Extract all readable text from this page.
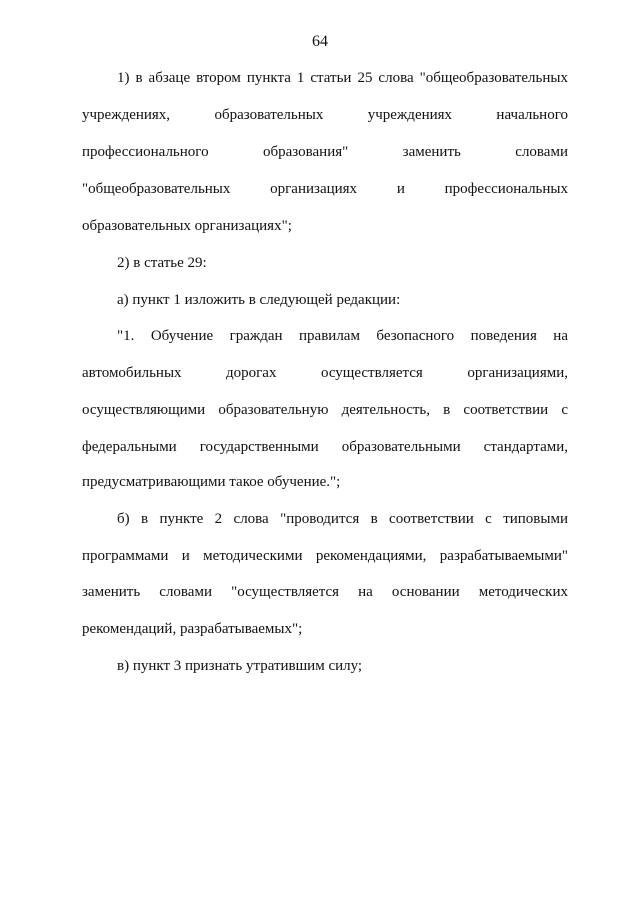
64
1) в абзаце втором пункта 1 статьи 25 слова "общеобразовательных
учреждениях, образовательных учреждениях начального
профессионального образования" заменить словами
"общеобразовательных организациях и профессиональных
образовательных организациях";
2) в статье 29:
а) пункт 1 изложить в следующей редакции:
"1. Обучение граждан правилам безопасного поведения на
автомобильных дорогах осуществляется организациями,
осуществляющими образовательную деятельность, в соответствии с
федеральными государственными образовательными стандартами,
предусматривающими такое обучение.";
б) в пункте 2 слова "проводится в соответствии с типовыми
программами и методическими рекомендациями, разрабатываемыми"
заменить словами "осуществляется на основании методических
рекомендаций, разрабатываемых";
в) пункт 3 признать утратившим силу;
